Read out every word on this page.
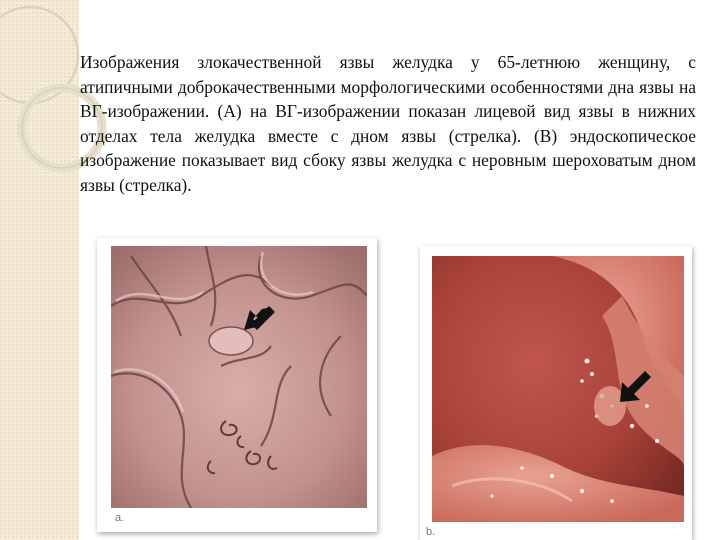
Изображения злокачественной язвы желудка у 65-летнюю женщину, с атипичными доброкачественными морфологическими особенностями дна язвы на ВГ-изображении. (А) на ВГ-изображении показан лицевой вид язвы в нижних отделах тела желудка вместе с дном язвы (стрелка). (В) эндоскопическое изображение показывает вид сбоку язвы желудка с неровным шероховатым дном язвы (стрелка).

a.
b.
